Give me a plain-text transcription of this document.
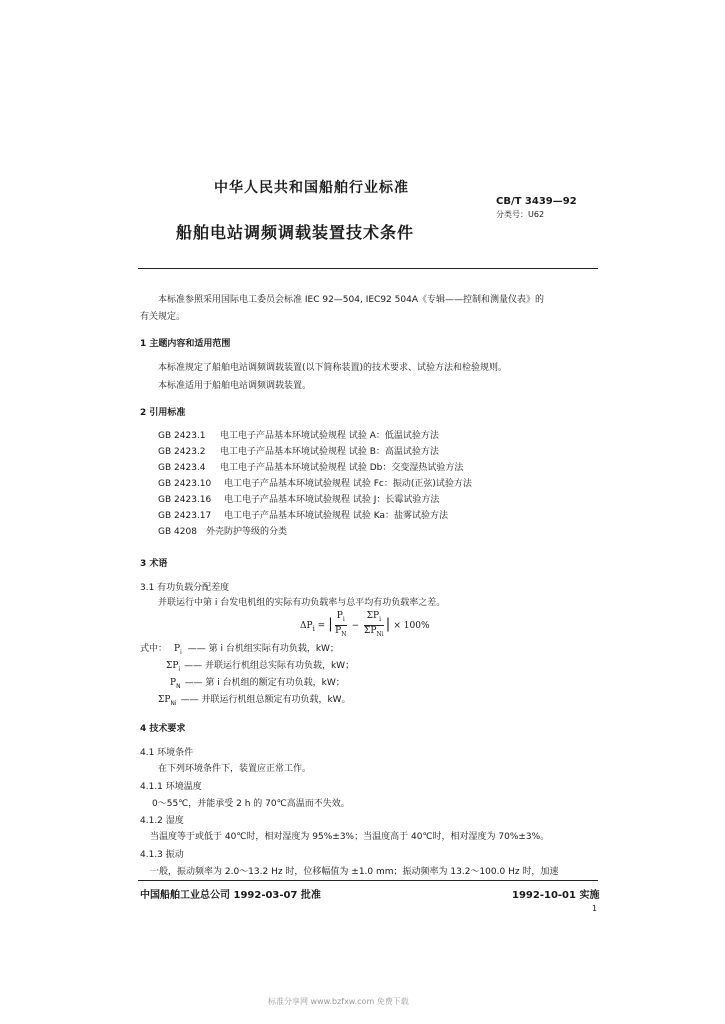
中华人民共和国船舶行业标准
CB/T 3439—92
分类号：U62
船舶电站调频调载装置技术条件
本标准参照采用国际电工委员会标准 IEC 92—504, IEC92 504A《专辑——控制和测量仪表》的
有关规定。
1 主题内容和适用范围
本标准规定了船舶电站调频调载装置(以下简称装置)的技术要求、试验方法和检验规则。
本标准适用于船舶电站调频调载装置。
2 引用标准
GB 2423.1 电工电子产品基本环境试验规程 试验 A：低温试验方法
GB 2423.2 电工电子产品基本环境试验规程 试验 B：高温试验方法
GB 2423.4 电工电子产品基本环境试验规程 试验 Db：交变湿热试验方法
GB 2423.10 电工电子产品基本环境试验规程 试验 Fc：振动(正弦)试验方法
GB 2423.16 电工电子产品基本环境试验规程 试验 J：长霉试验方法
GB 2423.17 电工电子产品基本环境试验规程 试验 Ka：盐雾试验方法
GB 4208 外壳防护等级的分类
3 术语
3.1 有功负载分配差度
并联运行中第 i 台发电机组的实际有功负载率与总平均有功负载率之差。
$\Delta P_i$ = | $\frac{P_i}{P_N} - \frac{\Sigma P_i}{\Sigma P_{Ni}}$ | × 100%
式中： $P_i$ —— 第 i 台机组实际有功负载，kW；
$\Sigma P_i$ —— 并联运行机组总实际有功负载，kW；
$P_N$ —— 第 i 台机组的额定有功负载，kW；
$\Sigma P_{Ni}$ —— 并联运行机组总额定有功负载，kW。
4 技术要求
4.1 环境条件
在下列环境条件下，装置应正常工作。
4.1.1 环境温度
0～55℃，并能承受 2 h 的 70℃高温而不失效。
4.1.2 湿度
当温度等于或低于 40℃时，相对湿度为 95%±3%；当温度高于 40℃时，相对湿度为 70%±3%。
4.1.3 振动
一般，振动频率为 2.0～13.2 Hz 时，位移幅值为 ±1.0 mm；振动频率为 13.2～100.0 Hz 时，加速
中国船舶工业总公司 1992-03-07 批准	1992-10-01 实施
1
标准分享网 www.bzfxw.com 免费下载
